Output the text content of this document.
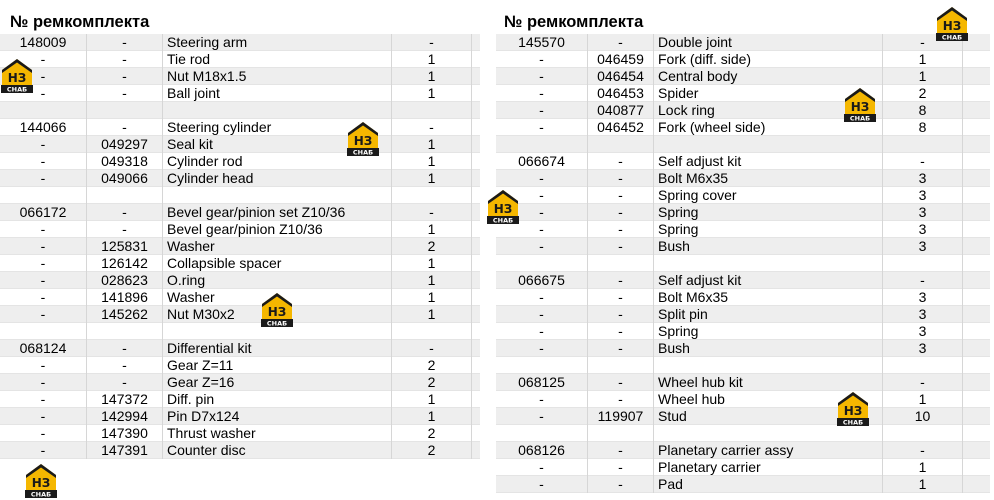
№ ремкомплекта
148009	-	Steering arm	-
-	-	Tie rod	1
-	-	Nut M18x1.5	1
-	-	Ball joint	1
144066	-	Steering cylinder	-
-	049297	Seal kit	1
-	049318	Cylinder rod	1
-	049066	Cylinder head	1
066172	-	Bevel gear/pinion set Z10/36	-
-	-	Bevel gear/pinion Z10/36	1
-	125831	Washer	2
-	126142	Collapsible spacer	1
-	028623	O.ring	1
-	141896	Washer	1
-	145262	Nut M30x2	1
068124	-	Differential kit	-
-	-	Gear Z=11	2
-	-	Gear Z=16	2
-	147372	Diff. pin	1
-	142994	Pin D7x124	1
-	147390	Thrust washer	2
-	147391	Counter disc	2
№ ремкомплекта
145570	-	Double joint	-
-	046459	Fork (diff. side)	1
-	046454	Central body	1
-	046453	Spider	2
-	040877	Lock ring	8
-	046452	Fork (wheel side)	8
066674	-	Self adjust kit	-
-	-	Bolt M6x35	3
-	-	Spring cover	3
-	-	Spring	3
-	-	Spring	3
-	-	Bush	3
066675	-	Self adjust kit	-
-	-	Bolt M6x35	3
-	-	Split pin	3
-	-	Spring	3
-	-	Bush	3
068125	-	Wheel hub kit	-
-	-	Wheel hub	1
-	119907	Stud	10
068126	-	Planetary carrier assy	-
-	-	Planetary carrier	1
-	-	Pad	1
НЗ
СНАБ
НЗ
СНАБ
НЗ
СНАБ
НЗ
СНАБ
НЗ
СНАБ
НЗ
СНАБ
НЗ
СНАБ
НЗ
СНАБ
